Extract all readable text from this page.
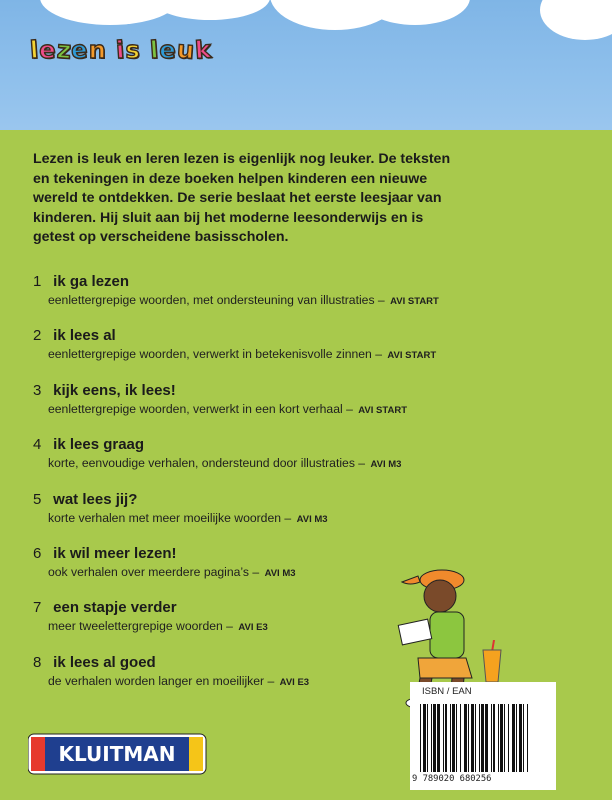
l e z e n
i s
l e u k
Lezen is leuk en leren lezen is eigenlijk nog leuker. De teksten
en tekeningen in deze boeken helpen kinderen een nieuwe
wereld te ontdekken. De serie beslaat het eerste leesjaar van
kinderen. Hij sluit aan bij het moderne leesonderwijs en is
getest op verscheidene basisscholen.
1 ik ga lezen
eenlettergrepige woorden, met ondersteuning van illustraties – AVI START
2 ik lees al
eenlettergrepige woorden, verwerkt in betekenisvolle zinnen – AVI START
3 kijk eens, ik lees!
eenlettergrepige woorden, verwerkt in een kort verhaal – AVI START
4 ik lees graag
korte, eenvoudige verhalen, ondersteund door illustraties – AVI M3
5 wat lees jij?
korte verhalen met meer moeilijke woorden – AVI M3
6 ik wil meer lezen!
ook verhalen over meerdere pagina’s – AVI M3
7 een stapje verder
meer tweelettergrepige woorden – AVI E3
8 ik lees al goed
de verhalen worden langer en moeilijker – AVI E3
ISBN / EAN
9 789020 680256
KLUITMAN
